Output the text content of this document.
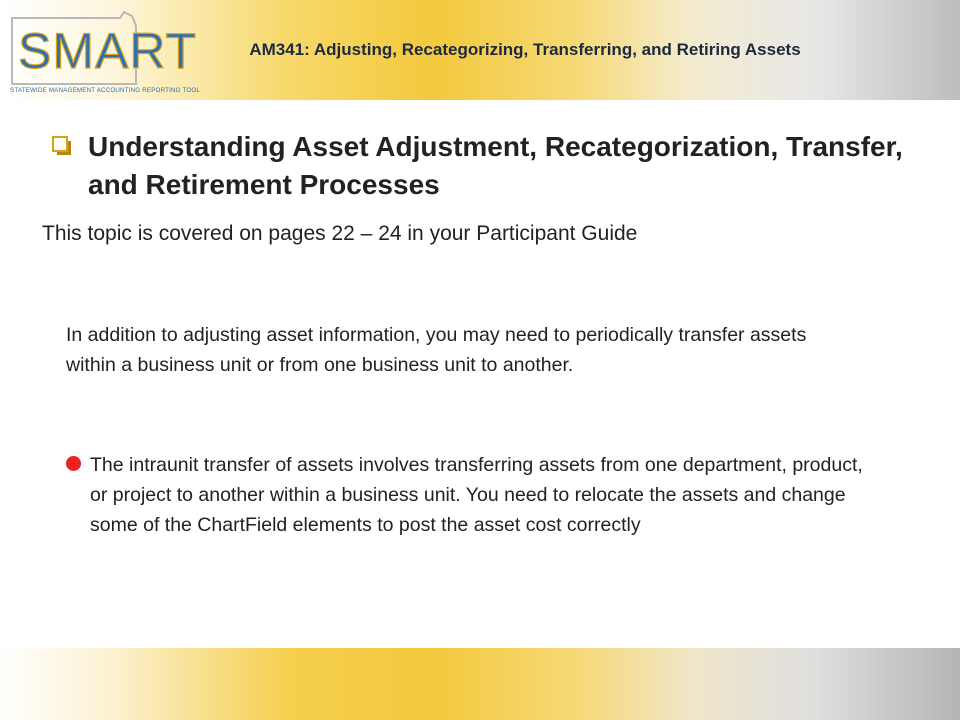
SMART
STATEWIDE MANAGEMENT ACCOUNTING REPORTING TOOL
AM341: Adjusting, Recategorizing, Transferring, and Retiring Assets
Understanding Asset Adjustment, Recategorization, Transfer, and Retirement Processes
This topic is covered on pages 22 – 24 in your Participant Guide
In addition to adjusting asset information, you may need to periodically transfer assets within a business unit or from one business unit to another.
The intraunit transfer of assets involves transferring assets from one department, product, or project to another within a business unit. You need to relocate the assets and change some of the ChartField elements to post the asset cost correctly
